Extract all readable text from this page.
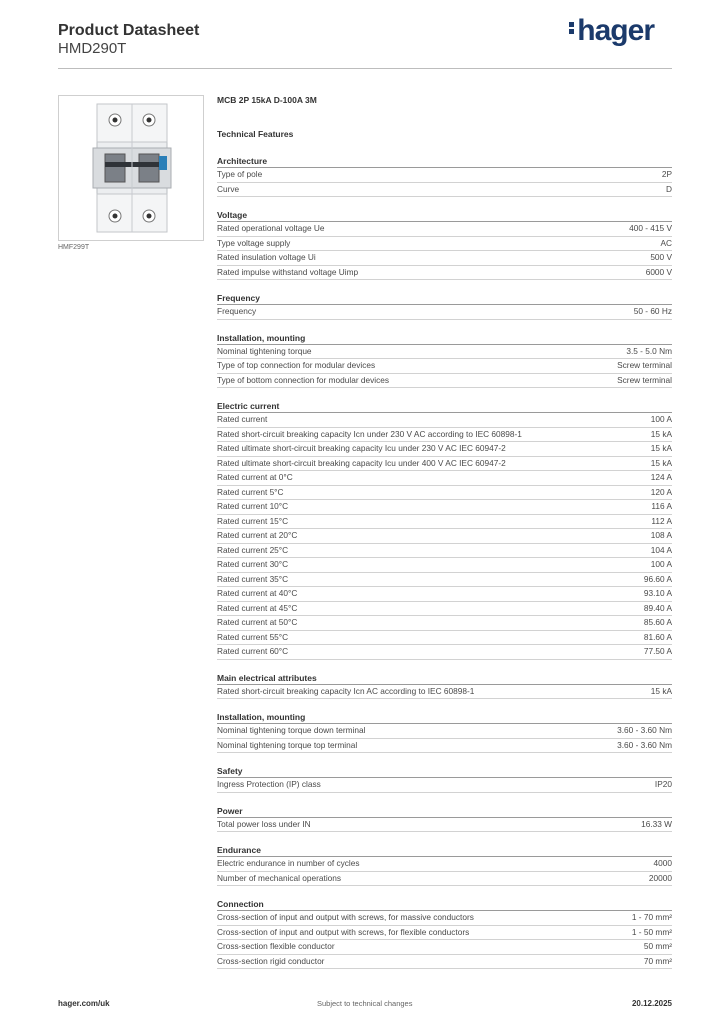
Product Datasheet
HMD290T
hager
HMF299T
MCB 2P 15kA D-100A 3M
Technical Features
Architecture
Type of pole	2P
Curve	D
Voltage
Rated operational voltage Ue	400 - 415 V
Type voltage supply	AC
Rated insulation voltage Ui	500 V
Rated impulse withstand voltage Uimp	6000 V
Frequency
Frequency	50 - 60 Hz
Installation, mounting
Nominal tightening torque	3.5 - 5.0 Nm
Type of top connection for modular devices	Screw terminal
Type of bottom connection for modular devices	Screw terminal
Electric current
Rated current	100 A
Rated short-circuit breaking capacity Icn under 230 V AC according to IEC 60898-1	15 kA
Rated ultimate short-circuit breaking capacity Icu under 230 V AC IEC 60947-2	15 kA
Rated ultimate short-circuit breaking capacity Icu under 400 V AC IEC 60947-2	15 kA
Rated current at 0°C	124 A
Rated current 5°C	120 A
Rated current 10°C	116 A
Rated current 15°C	112 A
Rated current at 20°C	108 A
Rated current 25°C	104 A
Rated current 30°C	100 A
Rated current 35°C	96.60 A
Rated current at 40°C	93.10 A
Rated current at 45°C	89.40 A
Rated current at 50°C	85.60 A
Rated current 55°C	81.60 A
Rated current 60°C	77.50 A
Main electrical attributes
Rated short-circuit breaking capacity Icn AC according to IEC 60898-1	15 kA
Installation, mounting
Nominal tightening torque down terminal	3.60 - 3.60 Nm
Nominal tightening torque top terminal	3.60 - 3.60 Nm
Safety
Ingress Protection (IP) class	IP20
Power
Total power loss under IN	16.33 W
Endurance
Electric endurance in number of cycles	4000
Number of mechanical operations	20000
Connection
Cross-section of input and output with screws, for massive conductors	1 - 70 mm²
Cross-section of input and output with screws, for flexible conductors	1 - 50 mm²
Cross-section flexible conductor	50 mm²
Cross-section rigid conductor	70 mm²
hager.com/uk	Subject to technical changes	20.12.2025
